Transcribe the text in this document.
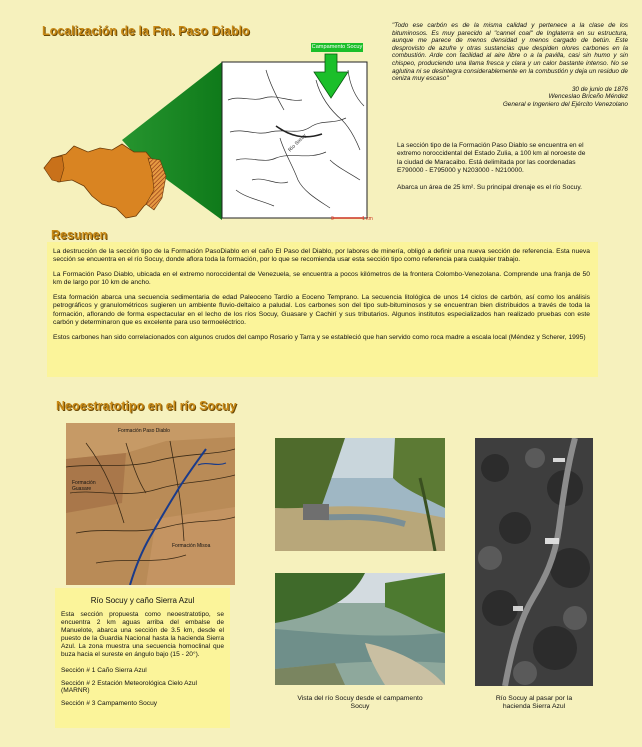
Localización de la Fm. Paso Diablo
Resumen
Neoestratotipo en el río Socuy
Campamento Socuy
Río Socuy
0	1 km
"Todo ese carbón es de la misma calidad y pertenece a la clase de los bituminosos. Es muy parecido al "cannel coal" de Inglaterra en su estructura, aunque me parece de menos densidad y menos cargado de betún. Este desprovisto de azufre y otras sustancias que despiden olores carbones en la combustión. Arde con facilidad al aire libre o a la pavilla, casi sin humo y sin chispeo, produciendo una llama fresca y clara y un calor bastante intenso. No se aglutina ni se desintegra considerablemente en la combustión y deja un residuo de ceniza muy escaso"
30 de junio de 1876
Wenceslao Briceño Méndez
General e Ingeniero del Ejército Venezolano

La sección tipo de la Formación Paso Diablo se encuentra en el extremo noroccidental del Estado Zulia, a 100 km al noroeste de la ciudad de Maracaibo. Está delimitada por las coordenadas E790000 - E795000 y N203000 - N210000.

Abarca un área de 25 km². Su principal drenaje es el río Socuy.

La destrucción de la sección tipo de la Formación PasoDiablo en el caño El Paso del Diablo, por labores de minería, obligó a definir una nueva sección de referencia. Esta nueva sección se encuentra en el río Socuy, donde aflora toda la formación, por lo que se recomienda usar esta sección tipo como referencia para cualquier trabajo.

La Formación Paso Diablo, ubicada en el extremo noroccidental de Venezuela, se encuentra a pocos kilómetros de la frontera Colombo-Venezolana. Comprende una franja de 50 km de largo por 10 km de ancho.

Esta formación abarca una secuencia sedimentaria de edad Paleoceno Tardío a Eoceno Temprano. La secuencia litológica de unos 14 ciclos de carbón, así como los análisis petrográficos y granulométricos sugieren un ambiente fluvio-deltaico a paludal. Los carbones son del tipo sub-bituminosos y se encuentran bien distribuidos a través de toda la formación, aflorando de forma espectacular en el lecho de los ríos Socuy, Guasare y Cachirí y sus tributarios. Algunos institutos especializados han realizado pruebas con este carbón y determinaron que es excelente para uso termoeléctrico.

Estos carbones han sido correlacionados con algunos crudos del campo Rosario y Tarra y se estableció que han servido como roca madre a escala local (Méndez y Scherer, 1995)

Formación Paso Diablo
Formación Guasare
Formación Misoa
Río Socuy y caño Sierra Azul
Esta sección propuesta como neoestratotipo, se encuentra 2 km aguas arriba del embalse de Manuelote, abarca una sección de 3.5 km, desde el puesto de la Guardia Nacional hasta la hacienda Sierra Azul. La zona muestra una secuencia homoclinal que buza hacia el sureste en ángulo bajo (15 - 20°).
Sección # 1 Caño Sierra Azul
Sección # 2 Estación Meteorológica Cielo Azul (MARNR)
Sección # 3 Campamento Socuy
Vista del río Socuy desde el campamento Socuy
Río Socuy al pasar por la hacienda Sierra Azul
